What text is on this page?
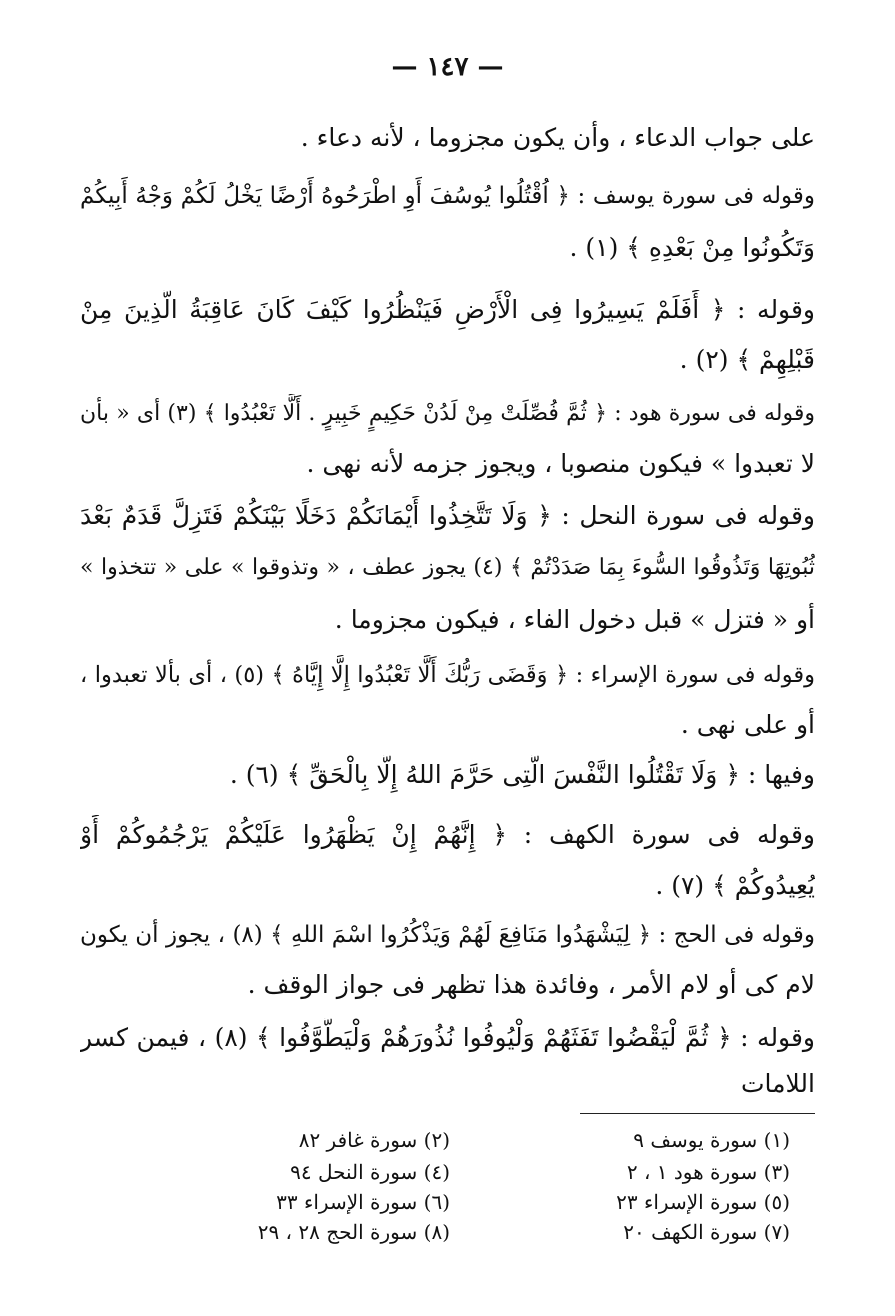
— ١٤٧ —
على جواب الدعاء ، وأن يكون مجزوما ، لأنه دعاء .
وقوله فى سورة يوسف : ﴿ اُقْتُلُوا يُوسُفَ أَوِ اطْرَحُوهُ أَرْضًا يَخْلُ لَكُمْ وَجْهُ أَبِيكُمْ
وَتَكُونُوا مِنْ بَعْدِهِ ﴾ (١) .
وقوله : ﴿ أَفَلَمْ يَسِيرُوا فِى الْأَرْضِ فَيَنْظُرُوا كَيْفَ كَانَ عَاقِبَةُ الَّذِينَ مِنْ
قَبْلِهِمْ ﴾ (٢) .
وقوله فى سورة هود : ﴿ ثُمَّ فُصِّلَتْ مِنْ لَدُنْ حَكِيمٍ خَبِيرٍ . أَلَّا تَعْبُدُوا ﴾ (٣) أى « بأن
لا تعبدوا » فيكون منصوبا ، ويجوز جزمه لأنه نهى .
وقوله فى سورة النحل : ﴿ وَلَا تَتَّخِذُوا أَيْمَانَكُمْ دَخَلًا بَيْنَكُمْ فَتَزِلَّ قَدَمٌ بَعْدَ
ثُبُوتِهَا وَتَذُوقُوا السُّوءَ بِمَا صَدَدْتُمْ ﴾ (٤) يجوز عطف ، « وتذوقوا » على « تتخذوا »
أو « فتزل » قبل دخول الفاء ، فيكون مجزوما .
وقوله فى سورة الإسراء : ﴿ وَقَضَى رَبُّكَ أَلَّا تَعْبُدُوا إِلَّا إِيَّاهُ ﴾ (٥) ، أى بألا تعبدوا ،
أو على نهى .
وفيها : ﴿ وَلَا تَقْتُلُوا النَّفْسَ الَّتِى حَرَّمَ اللهُ إِلَّا بِالْحَقِّ ﴾ (٦) .
وقوله فى سورة الكهف : ﴿ إِنَّهُمْ إِنْ يَظْهَرُوا عَلَيْكُمْ يَرْجُمُوكُمْ أَوْ
يُعِيدُوكُمْ ﴾ (٧) .
وقوله فى الحج : ﴿ لِيَشْهَدُوا مَنَافِعَ لَهُمْ وَيَذْكُرُوا اسْمَ اللهِ ﴾ (٨) ، يجوز أن يكون
لام كى أو لام الأمر ، وفائدة هذا تظهر فى جواز الوقف .
وقوله : ﴿ ثُمَّ لْيَقْضُوا تَفَثَهُمْ وَلْيُوفُوا نُذُورَهُمْ وَلْيَطَّوَّفُوا ﴾ (٨) ، فيمن كسر
اللامات
(١) سورة يوسف ٩
(٢) سورة غافر ٨٢
(٣) سورة هود ١ ، ٢
(٤) سورة النحل ٩٤
(٥) سورة الإسراء ٢٣
(٦) سورة الإسراء ٣٣
(٧) سورة الكهف ٢٠
(٨) سورة الحج ٢٨ ، ٢٩
